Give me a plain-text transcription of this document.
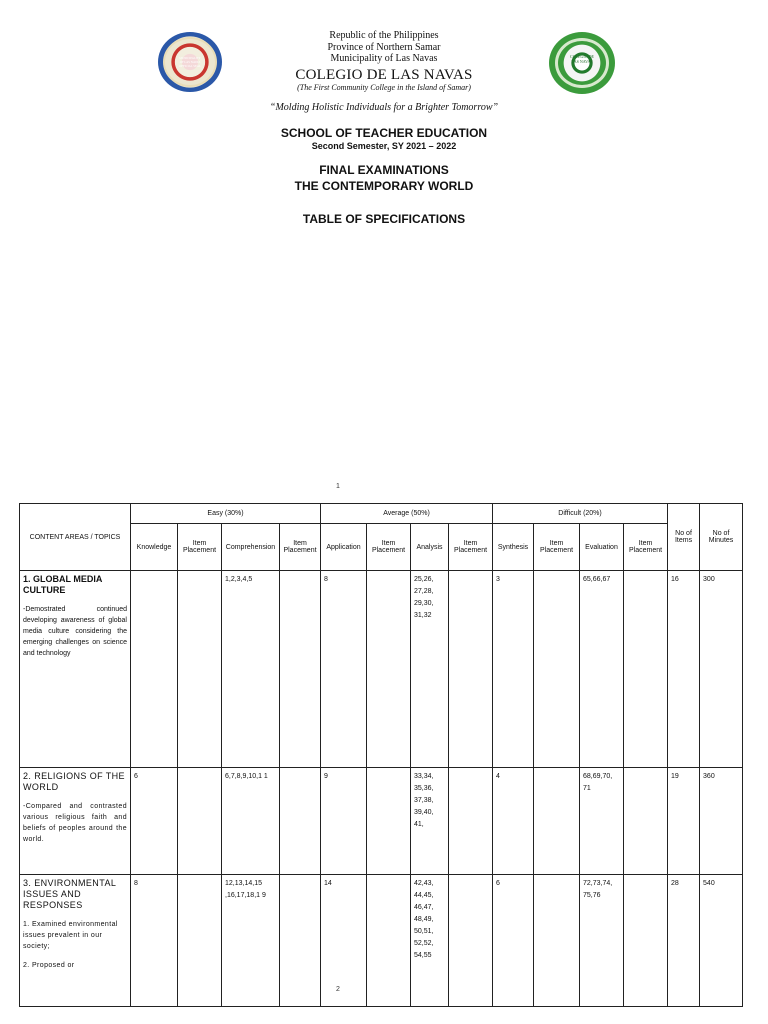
MUNICIPALITY OF LAS NAVAS OFFICIAL SEAL
COLEGIO DE LAS NAVAS
Republic of the Philippines
Province of Northern Samar
Municipality of Las Navas
COLEGIO DE LAS NAVAS
(The First Community College in the Island of Samar)
“Molding Holistic Individuals for a Brighter Tomorrow”
SCHOOL OF TEACHER EDUCATION
Second Semester, SY 2021 – 2022
FINAL EXAMINATIONS
THE CONTEMPORARY WORLD
TABLE OF SPECIFICATIONS
1
2
CONTENT AREAS / TOPICS	Easy (30%)				Average (50%)				Difficult (20%)				No of Items	No of Minutes
	Knowledge	Item Placement	Comprehension	Item Placement	Application	Item Placement	Analysis	Item Placement	Synthesis	Item Placement	Evaluation	Item Placement		

1. GLOBAL MEDIA CULTURE
-Demostrated continued developing awareness of global media culture considering the emerging challenges on science and technology			1,2,3,4,5		8		25,26, 27,28, 29,30, 31,32		3		65,66,67		16	300

2. RELIGIONS OF THE WORLD
-Compared and contrasted various religious faith and beliefs of peoples around the world.	6		6,7,8,9,10,1 1		9		33,34, 35,36, 37,38, 39,40, 41,		4		68,69,70, 71		19	360

3. ENVIRONMENTAL ISSUES AND RESPONSES
1. Examined environmental issues prevalent in our society;
2. Proposed or	8		12,13,14,15 ,16,17,18,1 9		14		42,43, 44,45, 46,47, 48,49, 50,51, 52,52, 54,55		6		72,73,74, 75,76		28	540
